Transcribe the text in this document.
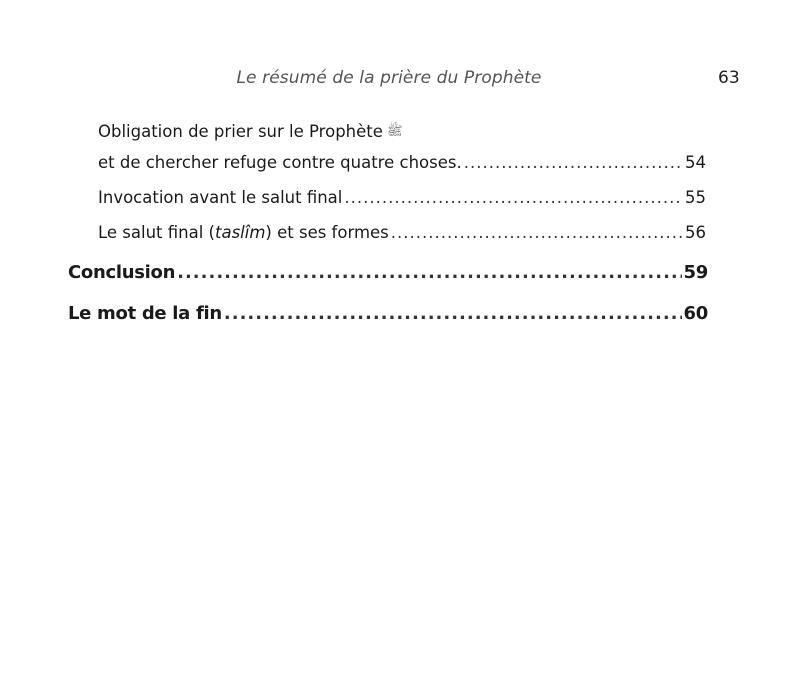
Le résumé de la prière du Prophète	63
Obligation de prier sur le Prophète ﷺ
et de chercher refuge contre quatre choses. .....	54
Invocation avant le salut final .....	55
Le salut final (taslîm) et ses formes .....	56
Conclusion .....	59
Le mot de la fin .....	60
